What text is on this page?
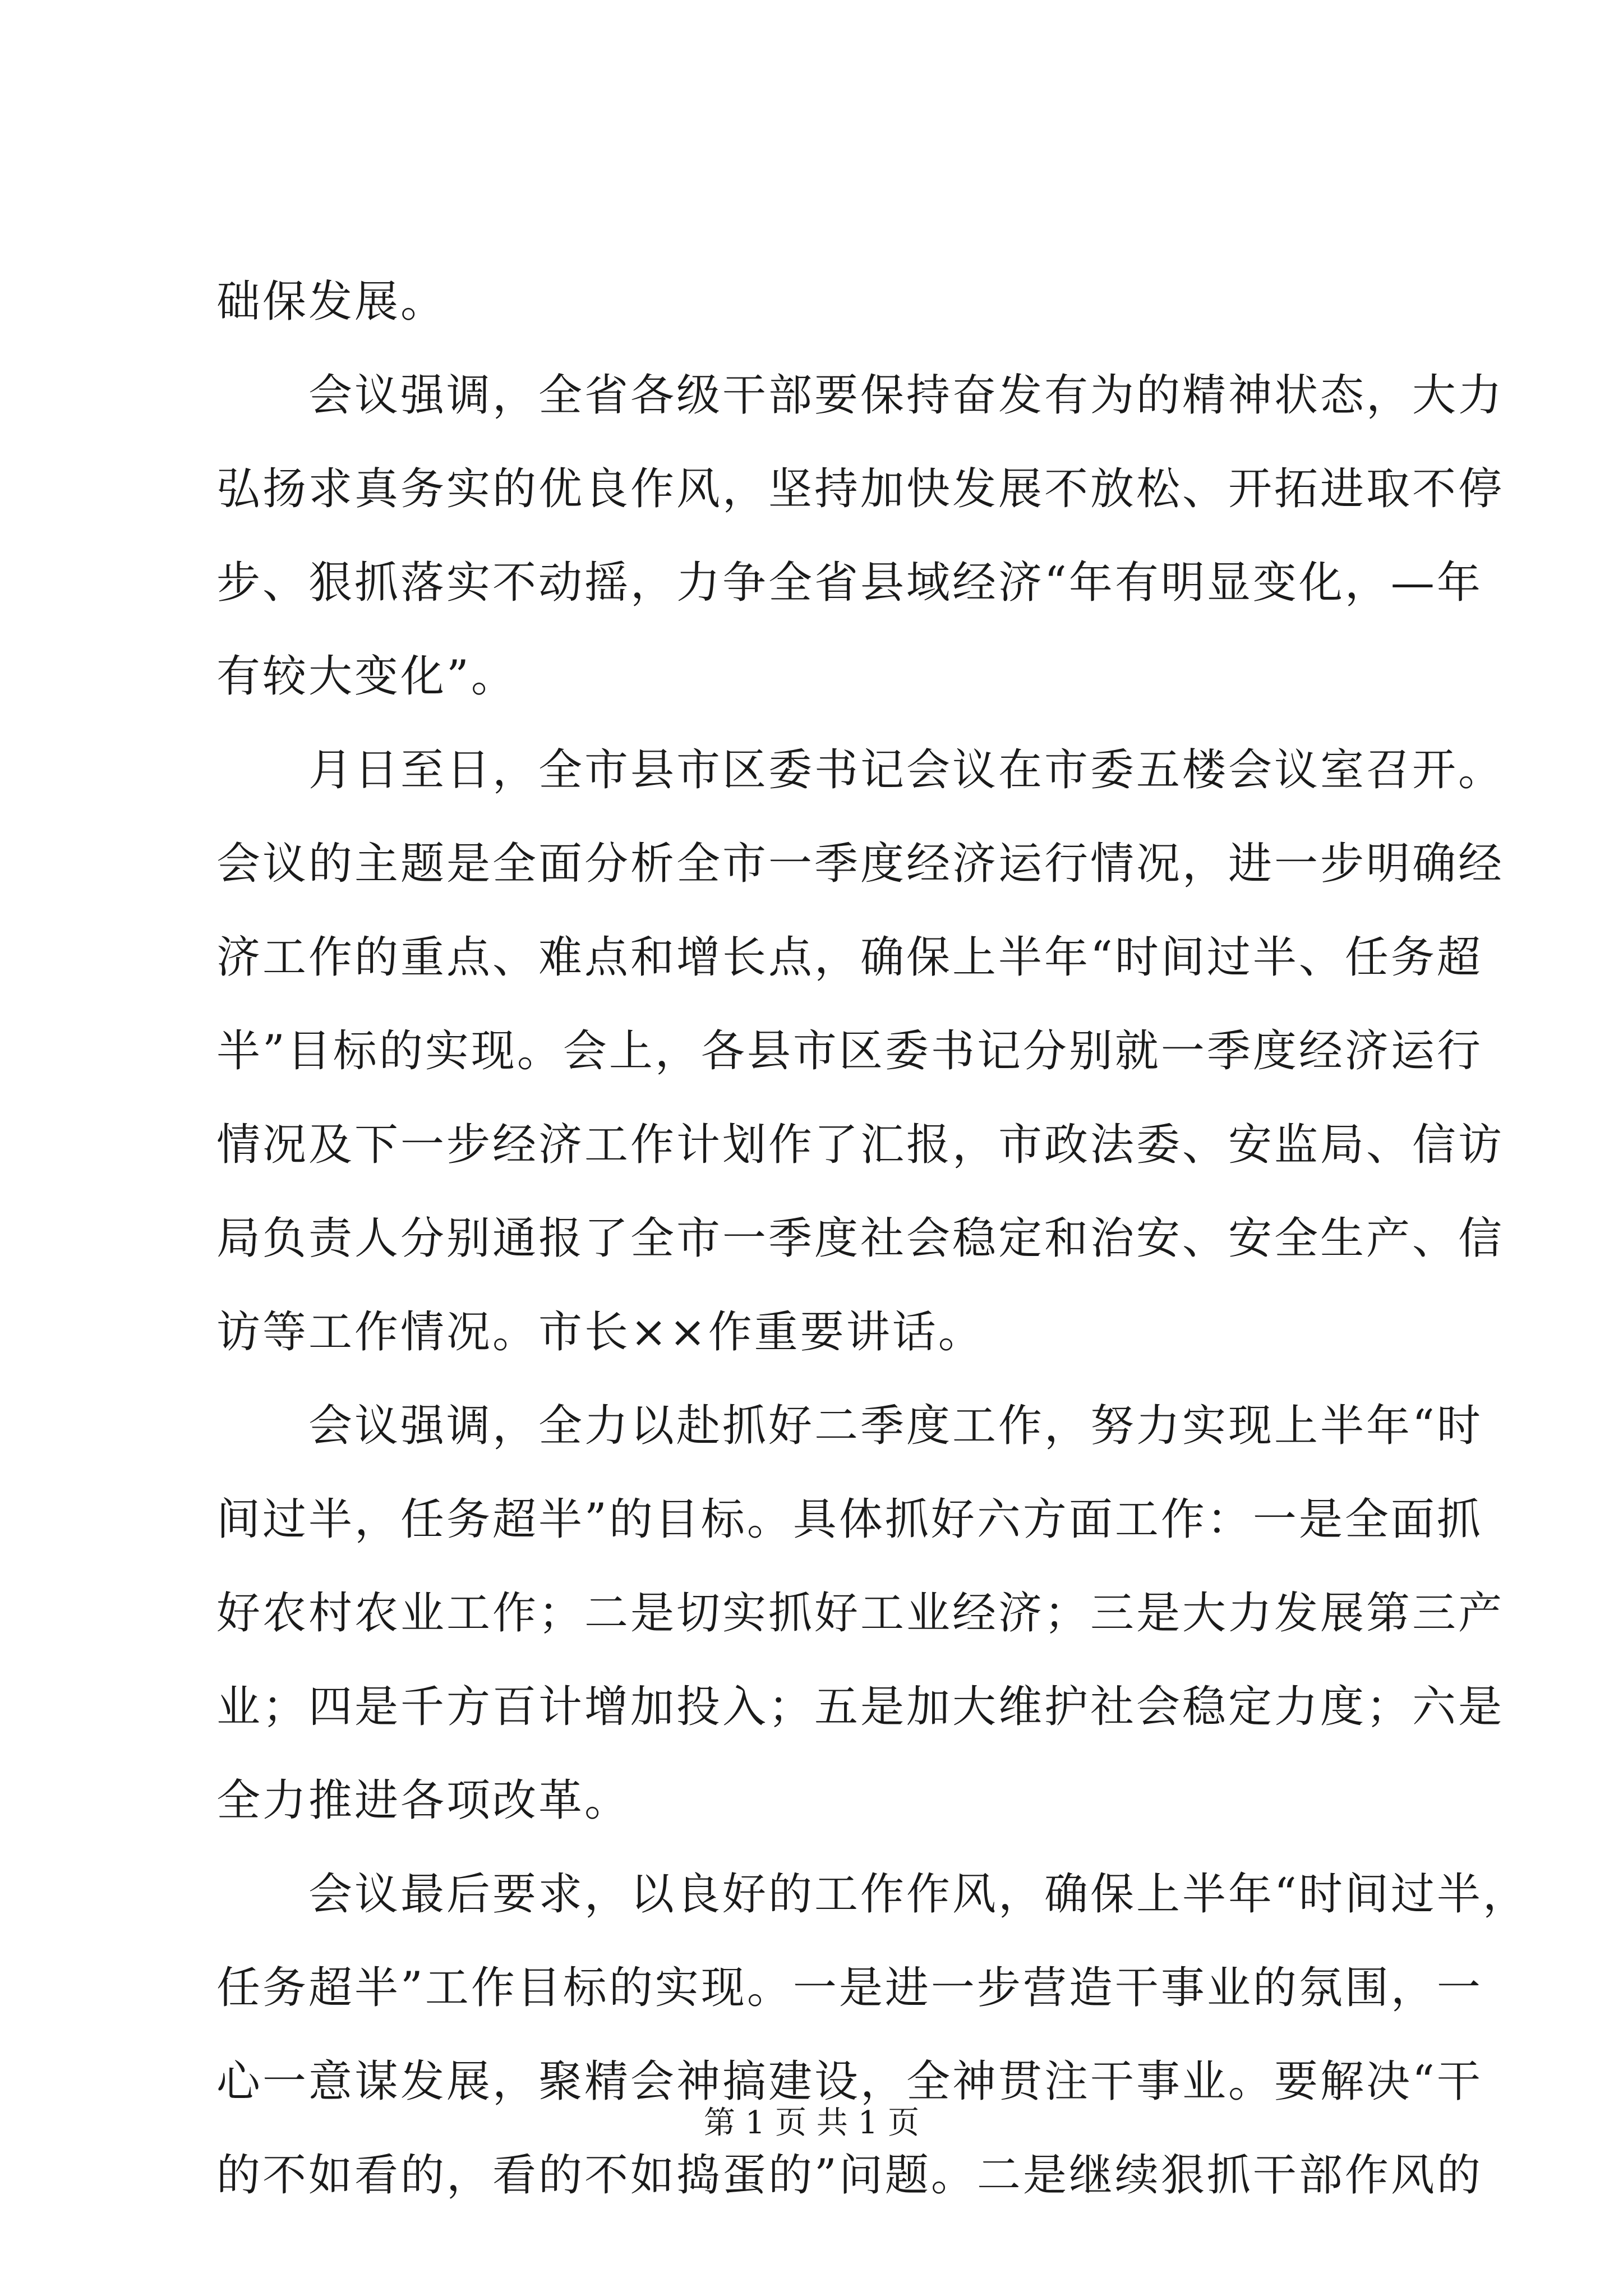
础保发展。
　　会议强调，全省各级干部要保持奋发有为的精神状态，大力
弘扬求真务实的优良作风，坚持加快发展不放松、开拓进取不停
步、狠抓落实不动摇，力争全省县域经济“年有明显变化，—年
有较大变化”。
　　月日至日，全市县市区委书记会议在市委五楼会议室召开。
会议的主题是全面分析全市一季度经济运行情况，进一步明确经
济工作的重点、难点和增长点，确保上半年“时间过半、任务超
半”目标的实现。会上，各县市区委书记分别就一季度经济运行
情况及下一步经济工作计划作了汇报，市政法委、安监局、信访
局负责人分别通报了全市一季度社会稳定和治安、安全生产、信
访等工作情况。市长××作重要讲话。
　　会议强调，全力以赴抓好二季度工作，努力实现上半年“时
间过半，任务超半”的目标。具体抓好六方面工作：一是全面抓
好农村农业工作；二是切实抓好工业经济；三是大力发展第三产
业；四是千方百计增加投入；五是加大维护社会稳定力度；六是
全力推进各项改革。
　　会议最后要求，以良好的工作作风，确保上半年“时间过半，
任务超半”工作目标的实现。一是进一步营造干事业的氛围，一
心一意谋发展，聚精会神搞建设，全神贯注干事业。要解决“干
的不如看的，看的不如捣蛋的”问题。二是继续狠抓干部作风的
第 1 页 共 1 页
